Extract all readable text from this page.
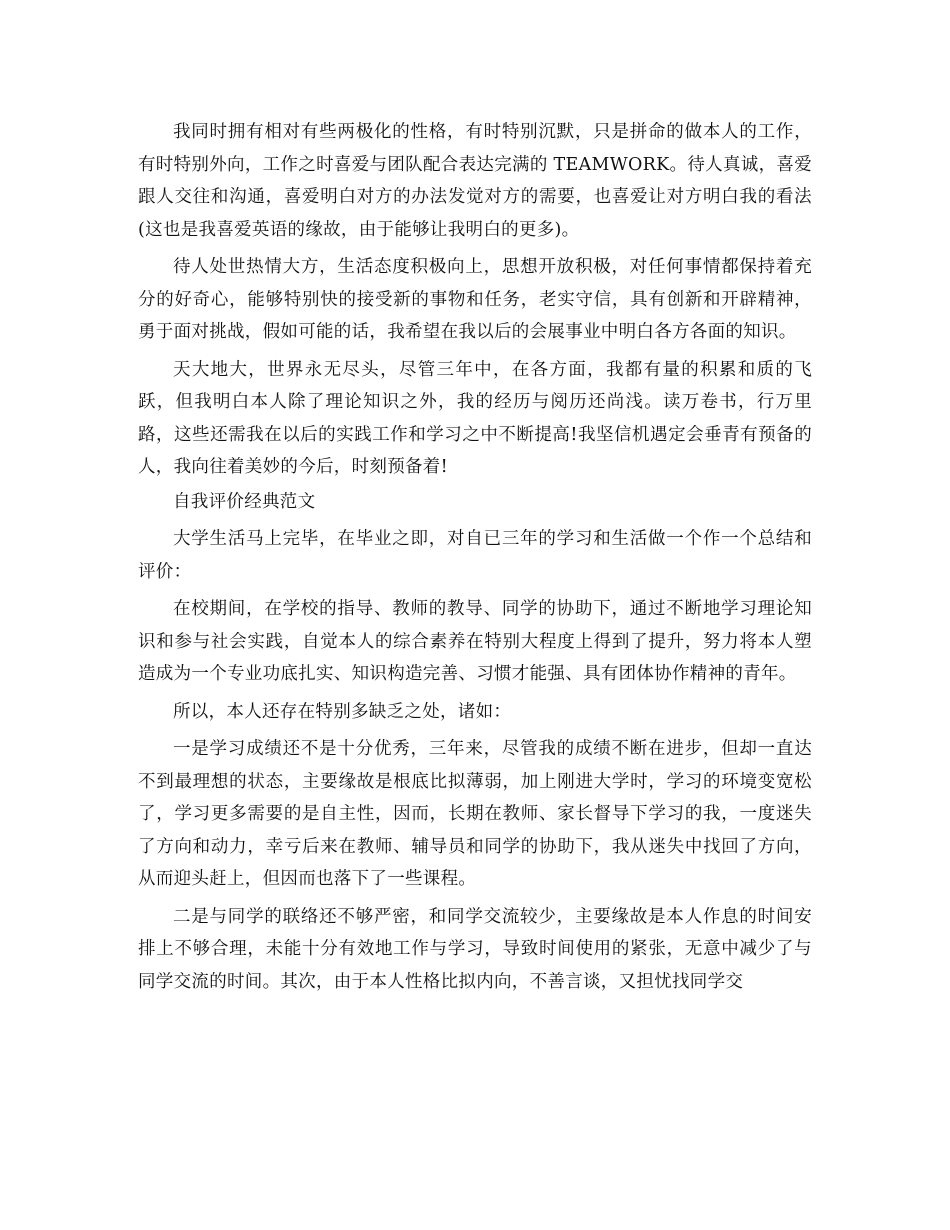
我同时拥有相对有些两极化的性格，有时特别沉默，只是拼命的做本人的工作，有时特别外向，工作之时喜爱与团队配合表达完满的 TEAMWORK。待人真诚，喜爱跟人交往和沟通，喜爱明白对方的办法发觉对方的需要，也喜爱让对方明白我的看法(这也是我喜爱英语的缘故，由于能够让我明白的更多)。

待人处世热情大方，生活态度积极向上，思想开放积极，对任何事情都保持着充分的好奇心，能够特别快的接受新的事物和任务，老实守信，具有创新和开辟精神，勇于面对挑战，假如可能的话，我希望在我以后的会展事业中明白各方各面的知识。

天大地大，世界永无尽头，尽管三年中，在各方面，我都有量的积累和质的飞跃，但我明白本人除了理论知识之外，我的经历与阅历还尚浅。读万卷书，行万里路，这些还需我在以后的实践工作和学习之中不断提高!我坚信机遇定会垂青有预备的人，我向往着美妙的今后，时刻预备着!

自我评价经典范文

大学生活马上完毕，在毕业之即，对自已三年的学习和生活做一个作一个总结和评价：

在校期间，在学校的指导、教师的教导、同学的协助下，通过不断地学习理论知识和参与社会实践，自觉本人的综合素养在特别大程度上得到了提升，努力将本人塑造成为一个专业功底扎实、知识构造完善、习惯才能强、具有团体协作精神的青年。

所以，本人还存在特别多缺乏之处，诸如：

一是学习成绩还不是十分优秀，三年来，尽管我的成绩不断在进步，但却一直达不到最理想的状态，主要缘故是根底比拟薄弱，加上刚进大学时，学习的环境变宽松了，学习更多需要的是自主性，因而，长期在教师、家长督导下学习的我，一度迷失了方向和动力，幸亏后来在教师、辅导员和同学的协助下，我从迷失中找回了方向，从而迎头赶上，但因而也落下了一些课程。

二是与同学的联络还不够严密，和同学交流较少，主要缘故是本人作息的时间安排上不够合理，未能十分有效地工作与学习，导致时间使用的紧张，无意中减少了与同学交流的时间。其次，由于本人性格比拟内向，不善言谈，又担忧找同学交
